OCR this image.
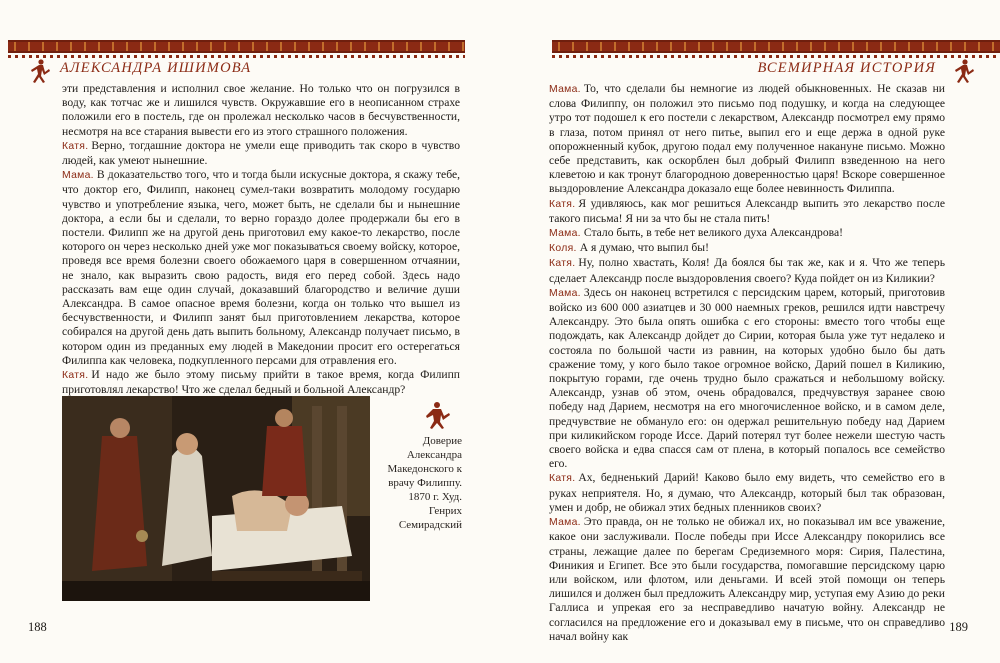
АЛЕКСАНДРА ИШИМОВА

эти представления и исполнил свое желание. Но только что он погрузился в воду, как тотчас же и лишился чувств. Окружавшие его в неописанном страхе положили его в постель, где он пролежал несколько часов в бесчувственности, несмотря на все старания вывести его из этого страшного положения.

Катя. Верно, тогдашние доктора не умели еще приводить так скоро в чувство людей, как умеют нынешние.

Мама. В доказательство того, что и тогда были искусные доктора, я скажу тебе, что доктор его, Филипп, наконец сумел-таки возвратить молодому государю чувство и употребление языка, чего, может быть, не сделали бы и нынешние доктора, а если бы и сделали, то верно гораздо долее продержали бы его в постели. Филипп же на другой день приготовил ему какое-то лекарство, после которого он через несколько дней уже мог показываться своему войску, которое, проведя все время болезни своего обожаемого царя в совершенном отчаянии, не знало, как выразить свою радость, видя его перед собой. Здесь надо рассказать вам еще один случай, доказавший благородство и величие души Александра. В самое опасное время болезни, когда он только что вышел из бесчувственности, и Филипп занят был приготовлением лекарства, которое собирался на другой день дать выпить больному, Александр получает письмо, в котором один из преданных ему людей в Македонии просит его остерегаться Филиппа как человека, подкупленного персами для отравления его.

Катя. И надо же было этому письму прийти в такое время, когда Филипп приготовлял лекарство! Что же сделал бедный и больной Александр?

Доверие Александра Македонского к врачу Филиппу. 1870 г. Худ. Генрих Семирадский
188
ВСЕМИРНАЯ ИСТОРИЯ
189

Мама. То, что сделали бы немногие из людей обыкновенных. Не сказав ни слова Филиппу, он положил это письмо под подушку, и когда на следующее утро тот подошел к его постели с лекарством, Александр посмотрел ему прямо в глаза, потом принял от него питье, выпил его и еще держа в одной руке опорожненный кубок, другою подал ему полученное накануне письмо. Можно себе представить, как оскорблен был добрый Филипп взведенною на него клеветою и как тронут благородною доверенностью царя! Вскоре совершенное выздоровление Александра доказало еще более невинность Филиппа.

Катя. Я удивляюсь, как мог решиться Александр выпить это лекарство после такого письма! Я ни за что бы не стала пить!

Мама. Стало быть, в тебе нет великого духа Александрова!

Коля. А я думаю, что выпил бы!

Катя. Ну, полно хвастать, Коля! Да боялся бы так же, как и я. Что же теперь сделает Александр после выздоровления своего? Куда пойдет он из Киликии?

Мама. Здесь он наконец встретился с персидским царем, который, приготовив войско из 600 000 азиатцев и 30 000 наемных греков, решился идти навстречу Александру. Это была опять ошибка с его стороны: вместо того чтобы еще подождать, как Александр дойдет до Сирии, которая была уже тут недалеко и состояла по большой части из равнин, на которых удобно было бы дать сражение тому, у кого было такое огромное войско, Дарий пошел в Киликию, покрытую горами, где очень трудно было сражаться и небольшому войску. Александр, узнав об этом, очень обрадовался, предчувствуя заранее свою победу над Дарием, несмотря на его многочисленное войско, и в самом деле, предчувствие не обмануло его: он одержал решительную победу над Дарием при киликийском городе Иссе. Дарий потерял тут более нежели шестую часть своего войска и едва спасся сам от плена, в который попалось все семейство его.

Катя. Ах, бедненький Дарий! Каково было ему видеть, что семейство его в руках неприятеля. Но, я думаю, что Александр, который был так образован, умен и добр, не обижал этих бедных пленников своих?

Мама. Это правда, он не только не обижал их, но показывал им все уважение, какое они заслуживали. После победы при Иссе Александру покорились все страны, лежащие далее по берегам Средиземного моря: Сирия, Палестина, Финикия и Египет. Все это были государства, помогавшие персидскому царю или войском, или флотом, или деньгами. И всей этой помощи он теперь лишился и должен был предложить Александру мир, уступая ему Азию до реки Галлиса и упрекая его за несправедливо начатую войну. Александр не согласился на предложение его и доказывал ему в письме, что он справедливо начал войну как
